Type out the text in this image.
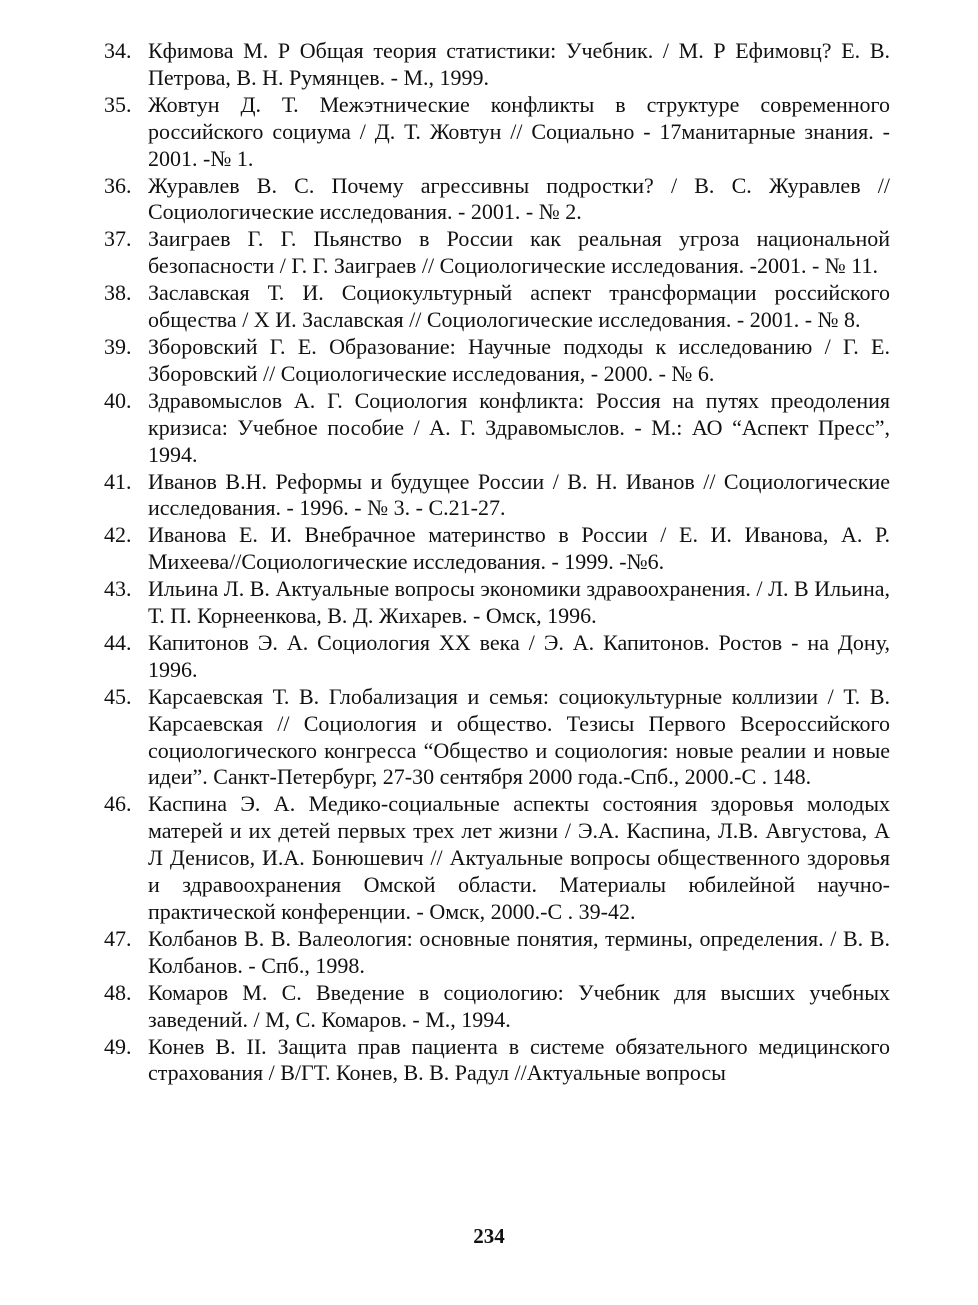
34. Кфимова М. Р Общая теория статистики: Учебник. / М. Р Ефимовц? Е. В. Петрова, В. Н. Румянцев. - М., 1999.
35. Жовтун Д. Т. Межэтнические конфликты в структуре современного российского социума / Д. Т. Жовтун // Социально - 17манитарные знания. - 2001. -№ 1.
36. Журавлев В. С. Почему агрессивны подростки? / В. С. Журавлев // Социологические исследования. - 2001. - № 2.
37. Заиграев Г. Г. Пьянство в России как реальная угроза национальной безопасности / Г. Г. Заиграев // Социологические исследования. -2001. - № 11.
38. Заславская Т. И. Социокультурный аспект трансформации российского общества / X И. Заславская // Социологические исследования. - 2001. - № 8.
39. Зборовский Г. Е. Образование: Научные подходы к исследованию / Г. Е. Зборовский // Социологические исследования, - 2000. - № 6.
40. Здравомыслов А. Г. Социология конфликта: Россия на путях преодоления кризиса: Учебное пособие / А. Г. Здравомыслов. - М.: АО “Аспект Пресс”, 1994.
41. Иванов В.Н. Реформы и будущее России / В. Н. Иванов // Социологические исследования. - 1996. - № 3. - С.21-27.
42. Иванова Е. И. Внебрачное материнство в России / Е. И. Иванова, А. Р. Михеева//Социологические исследования. - 1999. -№6.
43. Ильина Л. В. Актуальные вопросы экономики здравоохранения. / Л. В Ильина, Т. П. Корнеенкова, В. Д. Жихарев. - Омск, 1996.
44. Капитонов Э. А. Социология XX века / Э. А. Капитонов. Ростов - на Дону, 1996.
45. Карсаевская Т. В. Глобализация и семья: социокультурные коллизии / Т. В. Карсаевская // Социология и общество. Тезисы Первого Всероссийского социологического конгресса “Общество и социология: новые реалии и новые идеи”. Санкт-Петербург, 27-30 сентября 2000 года.-Спб., 2000.-С . 148.
46. Каспина Э. А. Медико-социальные аспекты состояния здоровья молодых матерей и их детей первых трех лет жизни / Э.А. Каспина, Л.В. Августова, А Л Денисов, И.А. Бонюшевич // Актуальные вопросы общественного здоровья и здравоохранения Омской области. Материалы юбилейной научно-практической конференции. - Омск, 2000.-С . 39-42.
47. Колбанов В. В. Валеология: основные понятия, термины, определения. / В. В. Колбанов. - Спб., 1998.
48. Комаров М. С. Введение в социологию: Учебник для высших учебных заведений. / М, С. Комаров. - М., 1994.
49. Конев В. II. Защита прав пациента в системе обязательного медицинского страхования / В/ГТ. Конев, В. В. Радул //Актуальные вопросы
234
